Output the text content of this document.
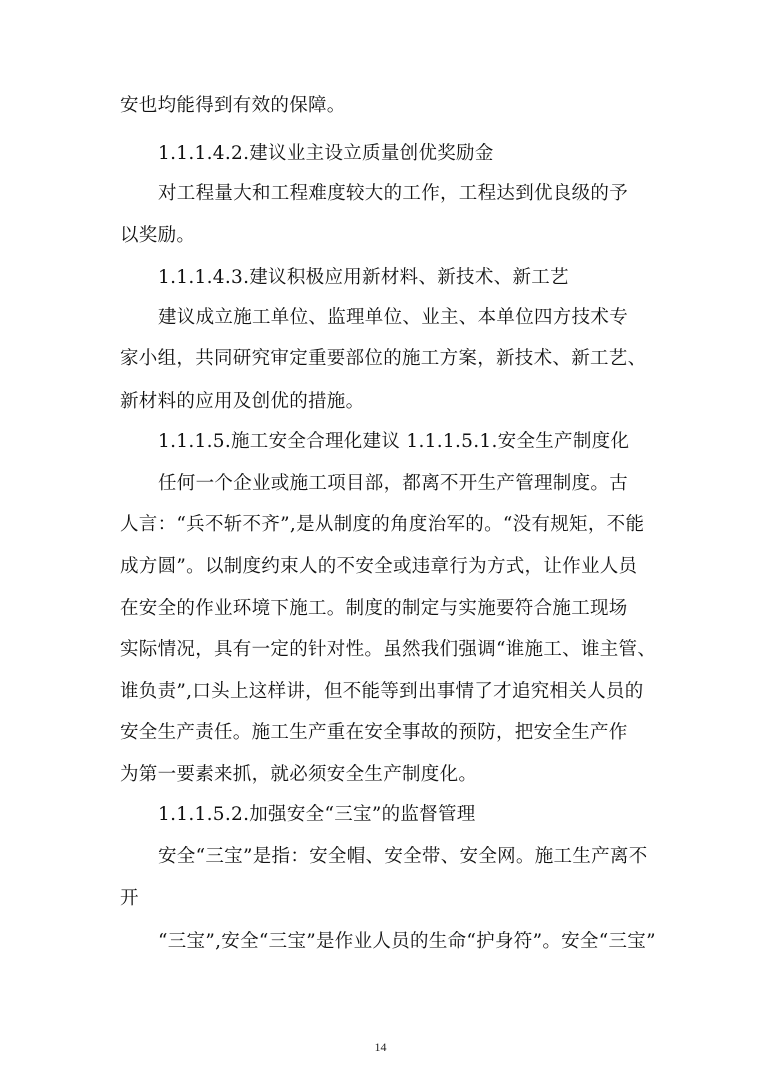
安也均能得到有效的保障。
1.1.1.4.2.建议业主设立质量创优奖励金
对工程量大和工程难度较大的工作，工程达到优良级的予
以奖励。
1.1.1.4.3.建议积极应用新材料、新技术、新工艺
建议成立施工单位、监理单位、业主、本单位四方技术专
家小组，共同研究审定重要部位的施工方案，新技术、新工艺、
新材料的应用及创优的措施。
1.1.1.5.施工安全合理化建议 1.1.1.5.1.安全生产制度化
任何一个企业或施工项目部，都离不开生产管理制度。古
人言：“兵不斩不齐”,是从制度的角度治军的。“没有规矩，不能
成方圆”。以制度约束人的不安全或违章行为方式，让作业人员
在安全的作业环境下施工。制度的制定与实施要符合施工现场
实际情况，具有一定的针对性。虽然我们强调“谁施工、谁主管、
谁负责”,口头上这样讲，但不能等到出事情了才追究相关人员的
安全生产责任。施工生产重在安全事故的预防，把安全生产作
为第一要素来抓，就必须安全生产制度化。
1.1.1.5.2.加强安全“三宝”的监督管理
安全“三宝”是指：安全帽、安全带、安全网。施工生产离不
开
“三宝”,安全“三宝”是作业人员的生命“护身符”。安全“三宝”
14
